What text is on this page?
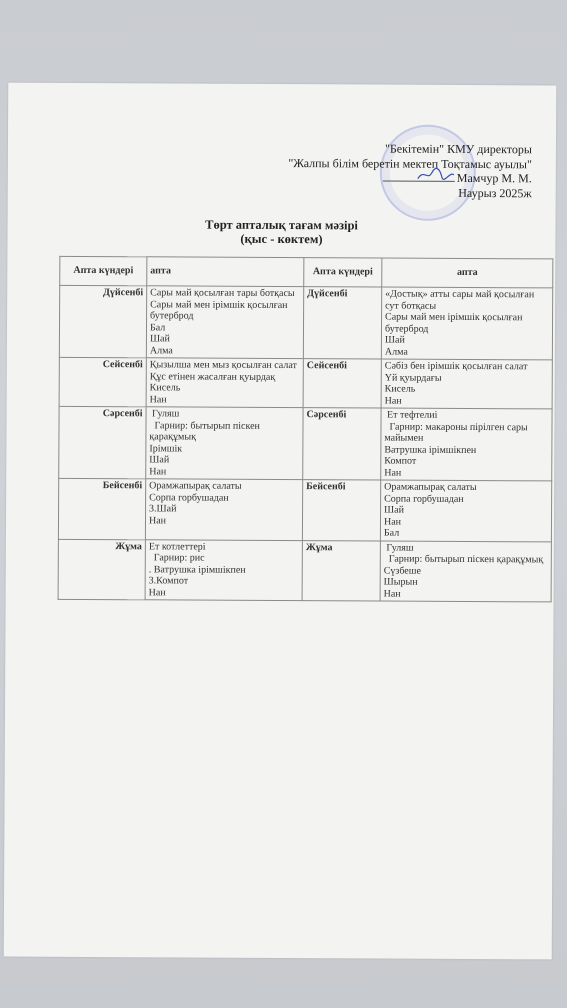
"Бекітемін" КМУ директоры
"Жалпы білім беретін мектеп Тоқтамыс ауылы"
Мамчур М. М.
Наурыз 2025ж
Төрт апталық тағам мәзірі
(қыс - көктем)
Апта күндері	апта	Апта күндері	апта
Дүйсенбі	Сары май қосылған тары ботқасы
Сары май мен ірімшік қосылған бутерброд
Бал
Шай
Алма	Дүйсенбі	«Достық» атты сары май қосылған сут ботқасы
Сары май мен ірімшік қосылған бутерброд
Шай
Алма

Сейсенбі	Қызылша мен мыз қосылған салат
Құс етінен жасалған қуырдақ
Кисель
Нан	Сейсенбі	Сәбіз бен ірімшік қосылған салат
Үй қуырдағы
Кисель
Нан

Сәрсенбі	Гуляш
Гарнир: бытырып піскен қарақұмық
Ірімшік
Шай
Нан	Сәрсенбі	Ет тефтелиі
Гарнир: макароны пірілген сары майымен
Ватрушка ірімшікпен
Компот
Нан

Бейсенбі	Орамжапырақ салаты
Сорпа горбушадан
3.Шай
Нан	Бейсенбі	Орамжапырақ салаты
Сорпа горбушадан
Шай
Нан
Бал

Жұма	Ет котлеттері
Гарнир: рис
. Ватрушка ірімшікпен
3.Компот
Нан	Жұма	Гуляш
Гарнир: бытырып піскен қарақұмық
Сүзбеше
Шырын
Нан
